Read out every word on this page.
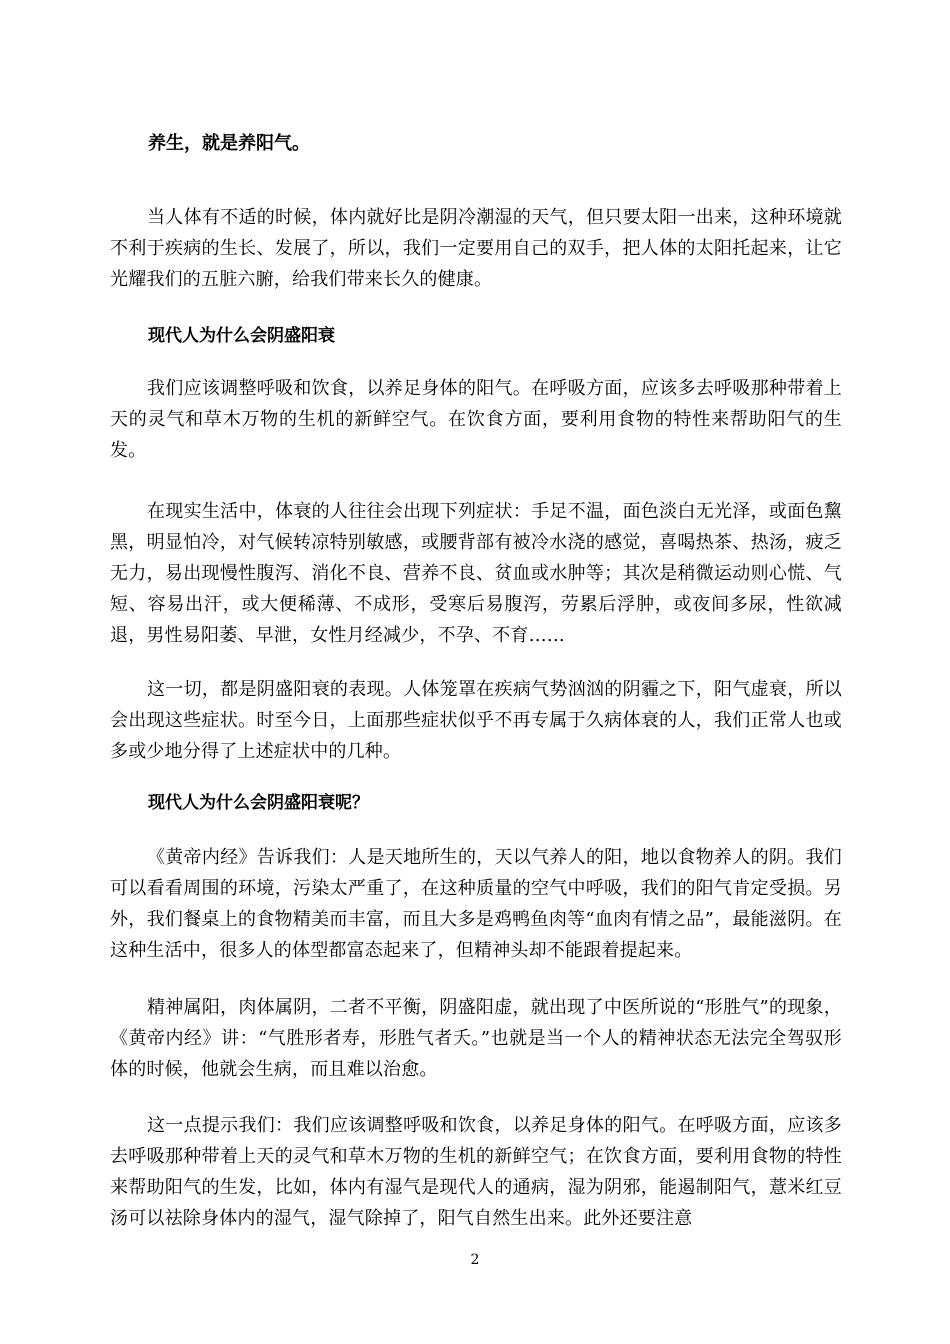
养生，就是养阳气。

当人体有不适的时候，体内就好比是阴冷潮湿的天气，但只要太阳一出来，这种环境就不利于疾病的生长、发展了，所以，我们一定要用自己的双手，把人体的太阳托起来，让它光耀我们的五脏六腑，给我们带来长久的健康。

现代人为什么会阴盛阳衰

我们应该调整呼吸和饮食，以养足身体的阳气。在呼吸方面，应该多去呼吸那种带着上天的灵气和草木万物的生机的新鲜空气。在饮食方面，要利用食物的特性来帮助阳气的生发。

在现实生活中，体衰的人往往会出现下列症状：手足不温，面色淡白无光泽，或面色黧黑，明显怕冷，对气候转凉特别敏感，或腰背部有被冷水浇的感觉，喜喝热茶、热汤，疲乏无力，易出现慢性腹泻、消化不良、营养不良、贫血或水肿等；其次是稍微运动则心慌、气短、容易出汗，或大便稀薄、不成形，受寒后易腹泻，劳累后浮肿，或夜间多尿，性欲减退，男性易阳萎、早泄，女性月经减少，不孕、不育……

这一切，都是阴盛阳衰的表现。人体笼罩在疾病气势汹汹的阴霾之下，阳气虚衰，所以会出现这些症状。时至今日，上面那些症状似乎不再专属于久病体衰的人，我们正常人也或多或少地分得了上述症状中的几种。

现代人为什么会阴盛阳衰呢？

《黄帝内经》告诉我们：人是天地所生的，天以气养人的阳，地以食物养人的阴。我们可以看看周围的环境，污染太严重了，在这种质量的空气中呼吸，我们的阳气肯定受损。另外，我们餐桌上的食物精美而丰富，而且大多是鸡鸭鱼肉等“血肉有情之品”，最能滋阴。在这种生活中，很多人的体型都富态起来了，但精神头却不能跟着提起来。

精神属阳，肉体属阴，二者不平衡，阴盛阳虚，就出现了中医所说的“形胜气”的现象，《黄帝内经》讲：“气胜形者寿，形胜气者夭。”也就是当一个人的精神状态无法完全驾驭形体的时候，他就会生病，而且难以治愈。

这一点提示我们：我们应该调整呼吸和饮食，以养足身体的阳气。在呼吸方面，应该多去呼吸那种带着上天的灵气和草木万物的生机的新鲜空气；在饮食方面，要利用食物的特性来帮助阳气的生发，比如，体内有湿气是现代人的通病，湿为阴邪，能遏制阳气，薏米红豆汤可以祛除身体内的湿气，湿气除掉了，阳气自然生出来。此外还要注意

2
